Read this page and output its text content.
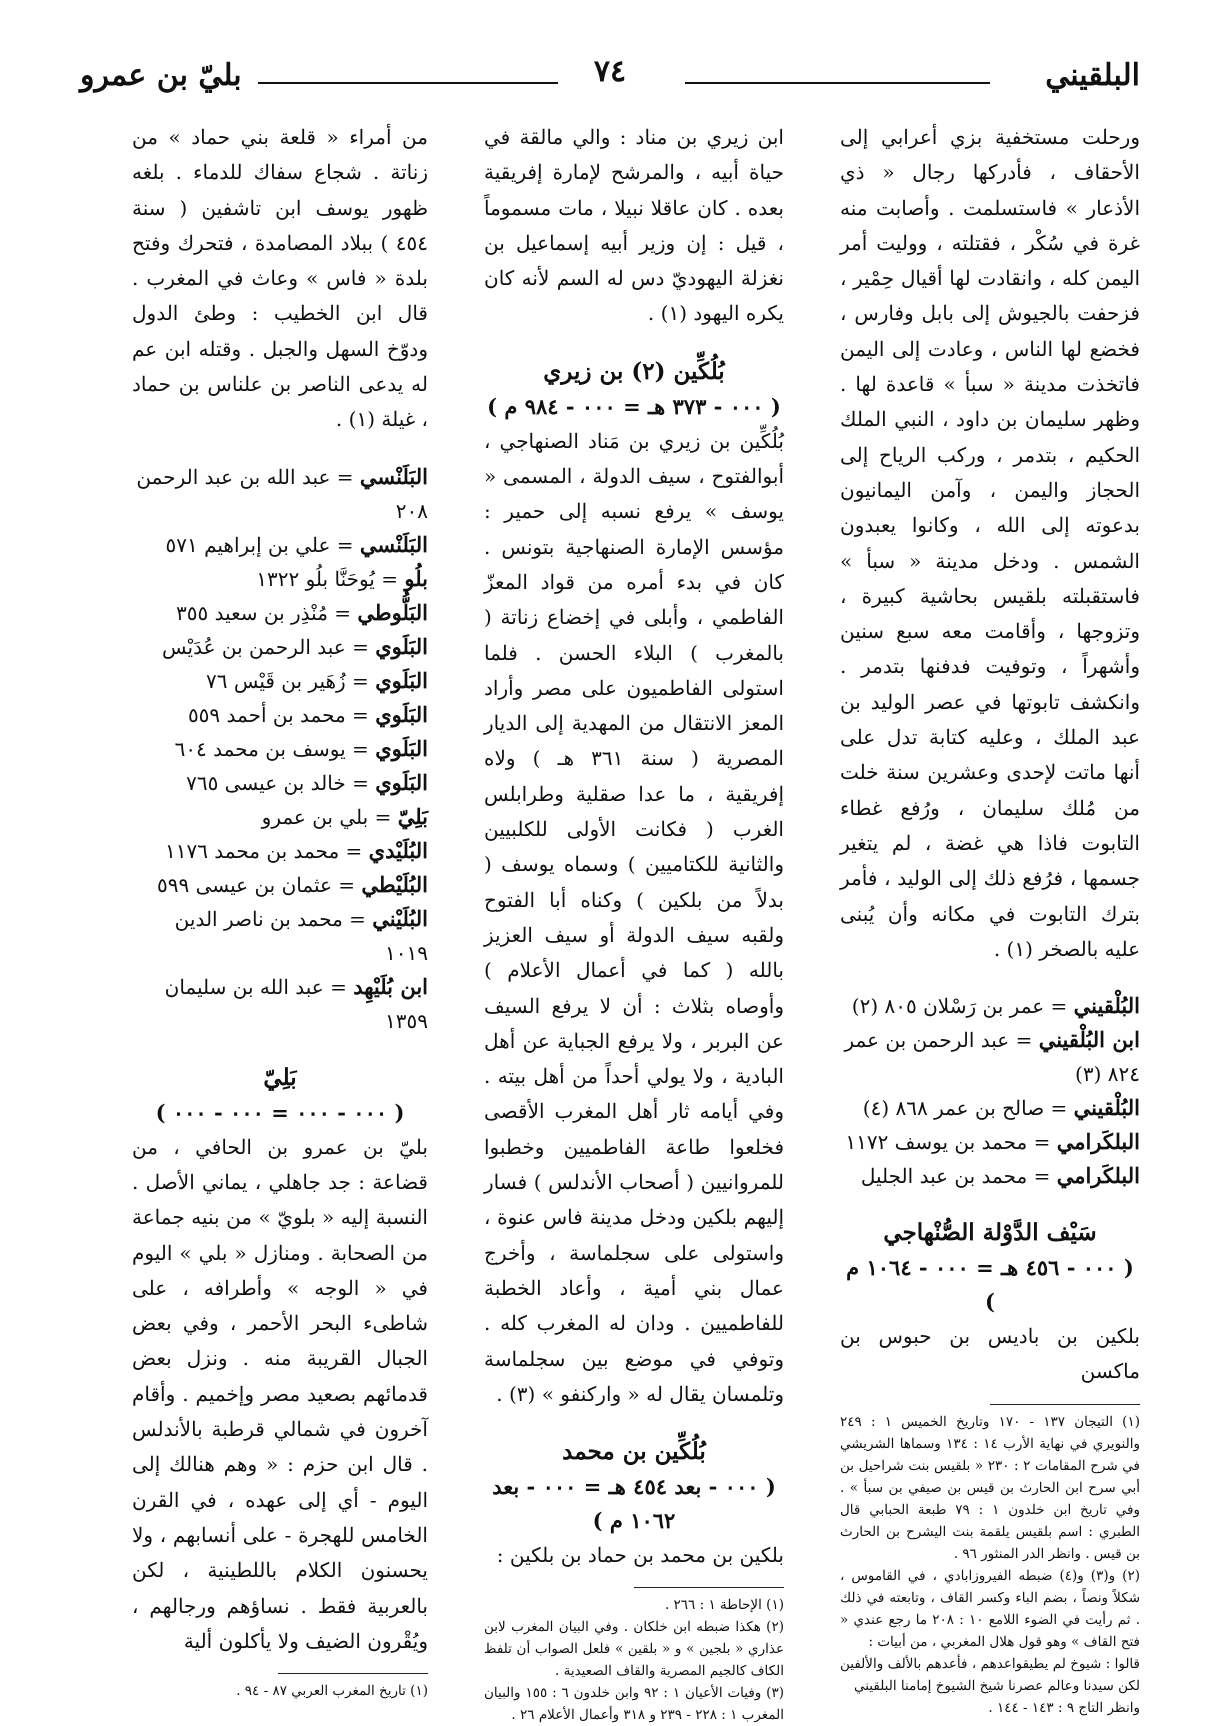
البلقيني
٧٤
بليّ بن عمرو

ورحلت مستخفية بزي أعرابي إلى الأحقاف ، فأدركها رجال « ذي الأذعار » فاستسلمت . وأصابت منه غرة في سُكْر ، فقتلته ، ووليت أمر اليمن كله ، وانقادت لها أقيال حِمْير ، فزحفت بالجيوش إلى بابل وفارس ، فخضع لها الناس ، وعادت إلى اليمن فاتخذت مدينة « سبأ » قاعدة لها . وظهر سليمان بن داود ، النبي الملك الحكيم ، بتدمر ، وركب الرياح إلى الحجاز واليمن ، وآمن اليمانيون بدعوته إلى الله ، وكانوا يعبدون الشمس . ودخل مدينة « سبأ » فاستقبلته بلقيس بحاشية كبيرة ، وتزوجها ، وأقامت معه سبع سنين وأشهراً ، وتوفيت فدفنها بتدمر . وانكشف تابوتها في عصر الوليد بن عبد الملك ، وعليه كتابة تدل على أنها ماتت لإحدى وعشرين سنة خلت من مُلك سليمان ، ورُفع غطاء التابوت فاذا هي غضة ، لم يتغير جسمها ، فرُفع ذلك إلى الوليد ، فأمر بترك التابوت في مكانه وأن يُبنى عليه بالصخر (١) .

البُلْقيني = عمر بن رَسْلان ٨٠٥ (٢)
ابن البُلْقيني = عبد الرحمن بن عمر ٨٢٤ (٣)
البُلْقيني = صالح بن عمر ٨٦٨ (٤)
البلكَرامي = محمد بن يوسف ١١٧٢
البلكَرامي = محمد بن عبد الجليل
سَيْف الدَّوْلة الصُّنْهاجي
( ٠٠٠ - ٤٥٦ هـ = ٠٠٠ - ١٠٦٤ م )

بلكين بن باديس بن حبوس بن ماكسن

(١) التيجان ١٣٧ - ١٧٠ وتاريخ الخميس ١ : ٢٤٩ والنويري في نهاية الأرب ١٤ : ١٣٤ وسماها الشريشي في شرح المقامات ٢ : ٢٣٠ « بلقيس بنت شراحيل بن أبي سرح ابن الحارث بن قيس بن صيفي بن سبأ » . وفي تاريخ ابن خلدون ١ : ٧٩ طبعة الحبابي قال الطبري : اسم بلقيس يلقمة بنت اليشرح بن الحارث بن قيس . وانظر الدر المنثور ٩٦ .

(٢) و(٣) و(٤) ضبطه الفيروزابادي ، في القاموس ، شكلاً ونصاً ، بضم الباء وكسر القاف ، وتابعته في ذلك . ثم رأيت في الضوء اللامع ١٠ : ٢٠٨ ما رجع عندي « فتح القاف » وهو قول هلال المغربي ، من أبيات :

قالوا : شيوخ لم يطيقواعدهم ، فأعدهم بالألف والألفين لكن سيدنا وعالم عصرنا شيخ الشيوخ إمامنا البلقيني

وانظر التاج ٩ : ١٤٣ - ١٤٤ .

ابن زيري بن مناد : والي مالقة في حياة أبيه ، والمرشح لإمارة إفريقية بعده . كان عاقلا نبيلا ، مات مسموماً ، قيل : إن وزير أبيه إسماعيل بن نغزلة اليهوديّ دس له السم لأنه كان يكره اليهود (١) .

بُلُكِّين (٢) بن زيري
( ٠٠٠ - ٣٧٣ هـ = ٠٠٠ - ٩٨٤ م )

بُلُكِّين بن زيري بن مَناد الصنهاجي ، أبوالفتوح ، سيف الدولة ، المسمى « يوسف » يرفع نسبه إلى حمير : مؤسس الإمارة الصنهاجية بتونس . كان في بدء أمره من قواد المعزّ الفاطمي ، وأبلى في إخضاع زناتة ( بالمغرب ) البلاء الحسن . فلما استولى الفاطميون على مصر وأراد المعز الانتقال من المهدية إلى الديار المصرية ( سنة ٣٦١ هـ ) ولاه إفريقية ، ما عدا صقلية وطرابلس الغرب ( فكانت الأولى للكلبيين والثانية للكتاميين ) وسماه يوسف ( بدلاً من بلكين ) وكناه أبا الفتوح ولقبه سيف الدولة أو سيف العزيز بالله ( كما في أعمال الأعلام ) وأوصاه بثلاث : أن لا يرفع السيف عن البربر ، ولا يرفع الجباية عن أهل البادية ، ولا يولي أحداً من أهل بيته . وفي أيامه ثار أهل المغرب الأقصى فخلعوا طاعة الفاطميين وخطبوا للمروانيين ( أصحاب الأندلس ) فسار إليهم بلكين ودخل مدينة فاس عنوة ، واستولى على سجلماسة ، وأخرج عمال بني أمية ، وأعاد الخطبة للفاطميين . ودان له المغرب كله . وتوفي في موضع بين سجلماسة وتلمسان يقال له « واركنفو » (٣) .

بُلُكِّين بن محمد
( ٠٠٠ - بعد ٤٥٤ هـ = ٠٠٠ - بعد ١٠٦٢ م )

بلكين بن محمد بن حماد بن بلكين :

(١) الإحاطة ١ : ٢٦٦ .

(٢) هكذا ضبطه ابن خلكان . وفي البيان المغرب لابن عذاري « بلجين » و « بلقين » فلعل الصواب أن تلفظ الكاف كالجيم المصرية والقاف الصعيدية .

(٣) وفيات الأعيان ١ : ٩٢ وابن خلدون ٦ : ١٥٥ والبيان المغرب ١ : ٢٢٨ - ٢٣٩ و ٣١٨ وأعمال الأعلام ٢٦ .

من أمراء « قلعة بني حماد » من زناتة . شجاع سفاك للدماء . بلغه ظهور يوسف ابن تاشفين ( سنة ٤٥٤ ) ببلاد المصامدة ، فتحرك وفتح بلدة « فاس » وعاث في المغرب . قال ابن الخطيب : وطئ الدول ودوّخ السهل والجبل . وقتله ابن عم له يدعى الناصر بن علناس بن حماد ، غيلة (١) .

البَلَنْسي = عبد الله بن عبد الرحمن ٢٠٨
البَلَنْسي = علي بن إبراهيم ٥٧١
بلُو = يُوحَنَّا بلُو ١٣٢٢
البَلُّوطي = مُنْذِر بن سعيد ٣٥٥
البَلَوي = عبد الرحمن بن عُدَيْس
البَلَوي = زُهَير بن قَيْس ٧٦
البَلَوي = محمد بن أحمد ٥٥٩
البَلَوي = يوسف بن محمد ٦٠٤
البَلَوي = خالد بن عيسى ٧٦٥
بَلِيّ = بلي بن عمرو
البُلَيْدي = محمد بن محمد ١١٧٦
البُلَيْطي = عثمان بن عيسى ٥٩٩
البُلَيْني = محمد بن ناصر الدين ١٠١٩
ابن بُلَيْهِد = عبد الله بن سليمان ١٣٥٩
بَلِيّ
( ٠٠٠ - ٠٠٠ = ٠٠٠ - ٠٠٠ )

بليّ بن عمرو بن الحافي ، من قضاعة : جد جاهلي ، يماني الأصل . النسبة إليه « بلويّ » من بنيه جماعة من الصحابة . ومنازل « بلي » اليوم في « الوجه » وأطرافه ، على شاطىء البحر الأحمر ، وفي بعض الجبال القريبة منه . ونزل بعض قدمائهم بصعيد مصر وإخميم . وأقام آخرون في شمالي قرطبة بالأندلس . قال ابن حزم : « وهم هنالك إلى اليوم - أي إلى عهده ، في القرن الخامس للهجرة - على أنسابهم ، ولا يحسنون الكلام باللطينية ، لكن بالعربية فقط . نساؤهم ورجالهم ، ويُقْرون الضيف ولا يأكلون ألية

(١) تاريخ المغرب العربي ٨٧ - ٩٤ .
